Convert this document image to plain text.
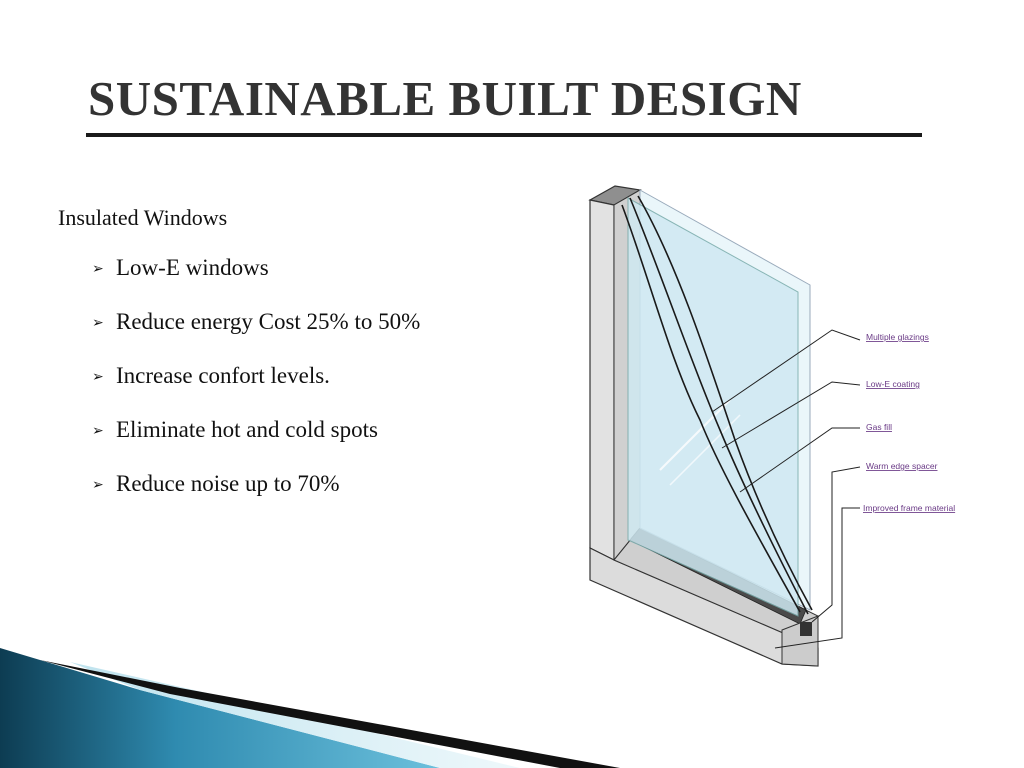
SUSTAINABLE BUILT DESIGN
Insulated Windows
➢ Low-E windows
➢ Reduce energy Cost 25% to 50%
➢ Increase confort levels.
➢ Eliminate hot and cold spots
➢ Reduce noise up to 70%
Multiple glazings
Low-E coating
Gas fill
Warm edge spacer
Improved frame material
